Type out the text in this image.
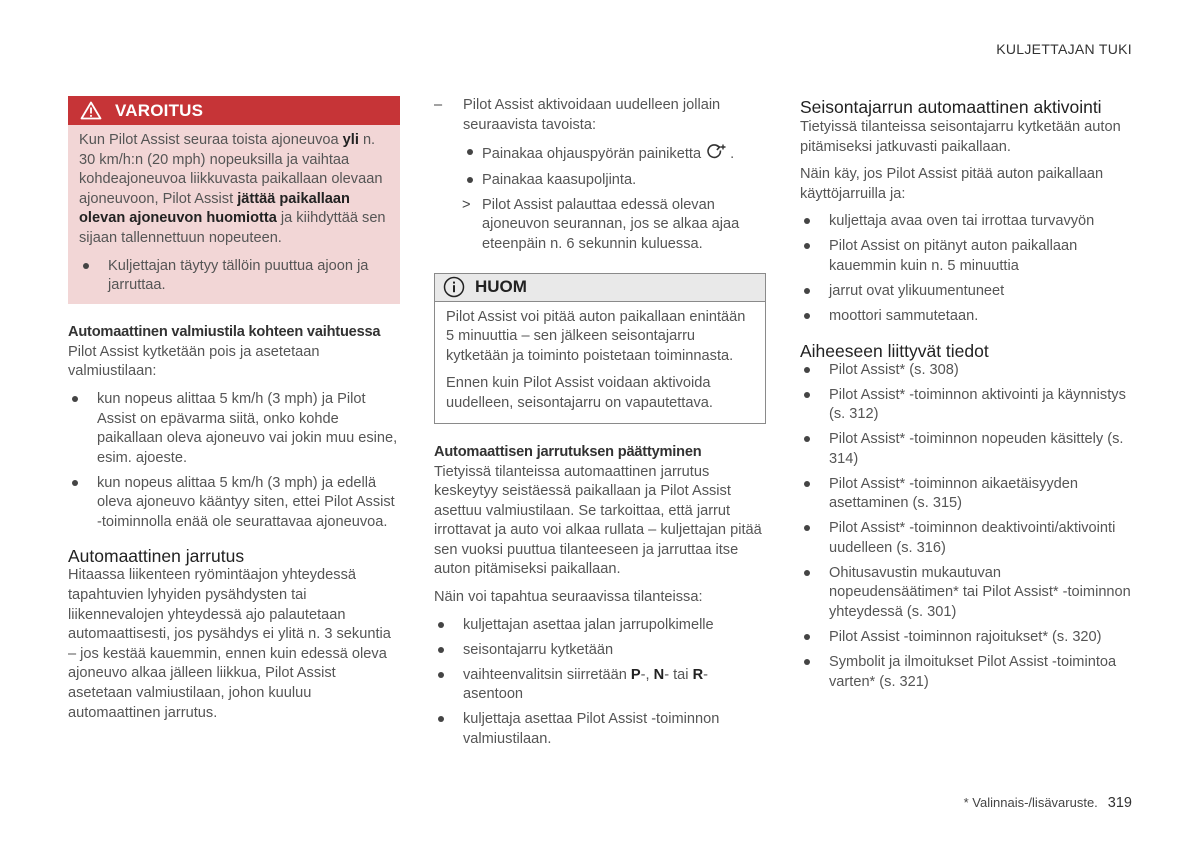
KULJETTAJAN TUKI
VAROITUS

Kun Pilot Assist seuraa toista ajoneuvoa yli n. 30 km/h:n (20 mph) nopeuksilla ja vaihtaa kohdeajoneuvoa liikkuvasta paikallaan olevaan ajoneuvoon, Pilot Assist jättää paikallaan olevan ajoneuvon huomiotta ja kiihdyttää sen sijaan tallennettuun nopeuteen.

Kuljettajan täytyy tällöin puuttua ajoon ja jarruttaa.
Automaattinen valmiustila kohteen vaihtuessa

Pilot Assist kytketään pois ja asetetaan valmiustilaan:

kun nopeus alittaa 5 km/h (3 mph) ja Pilot Assist on epävarma siitä, onko kohde paikallaan oleva ajoneuvo vai jokin muu esine, esim. ajoeste.
kun nopeus alittaa 5 km/h (3 mph) ja edellä oleva ajoneuvo kääntyy siten, ettei Pilot Assist -toiminnolla enää ole seurattavaa ajoneuvoa.
Automaattinen jarrutus

Hitaassa liikenteen ryömintäajon yhteydessä tapahtuvien lyhyiden pysähdysten tai liikennevalojen yhteydessä ajo palautetaan automaattisesti, jos pysähdys ei ylitä n. 3 sekuntia – jos kestää kauemmin, ennen kuin edessä oleva ajoneuvo alkaa jälleen liikkua, Pilot Assist asetetaan valmiustilaan, johon kuuluu automaattinen jarrutus.

– Pilot Assist aktivoidaan uudelleen jollain seuraavista tavoista:

Painakaa ohjauspyörän painiketta .
Painakaa kaasupoljinta.
> Pilot Assist palauttaa edessä olevan ajoneuvon seurannan, jos se alkaa ajaa eteenpäin n. 6 sekunnin kuluessa.

HUOM

Pilot Assist voi pitää auton paikallaan enintään 5 minuuttia – sen jälkeen seisontajarru kytketään ja toiminto poistetaan toiminnasta.

Ennen kuin Pilot Assist voidaan aktivoida uudelleen, seisontajarru on vapautettava.

Automaattisen jarrutuksen päättyminen

Tietyissä tilanteissa automaattinen jarrutus keskeytyy seistäessä paikallaan ja Pilot Assist asettuu valmiustilaan. Se tarkoittaa, että jarrut irrottavat ja auto voi alkaa rullata – kuljettajan pitää sen vuoksi puuttua tilanteeseen ja jarruttaa itse auton pitämiseksi paikallaan.

Näin voi tapahtua seuraavissa tilanteissa:

kuljettajan asettaa jalan jarrupolkimelle
seisontajarru kytketään
vaihteenvalitsin siirretään P-, N- tai R-asentoon
kuljettaja asettaa Pilot Assist -toiminnon valmiustilaan.
Seisontajarrun automaattinen aktivointi

Tietyissä tilanteissa seisontajarru kytketään auton pitämiseksi jatkuvasti paikallaan.

Näin käy, jos Pilot Assist pitää auton paikallaan käyttöjarruilla ja:

kuljettaja avaa oven tai irrottaa turvavyön
Pilot Assist on pitänyt auton paikallaan kauemmin kuin n. 5 minuuttia
jarrut ovat ylikuumentuneet
moottori sammutetaan.
Aiheeseen liittyvät tiedot
Pilot Assist* (s. 308)
Pilot Assist* -toiminnon aktivointi ja käynnistys (s. 312)
Pilot Assist* -toiminnon nopeuden käsittely (s. 314)
Pilot Assist* -toiminnon aikaetäisyyden asettaminen (s. 315)
Pilot Assist* -toiminnon deaktivointi/aktivointi uudelleen (s. 316)
Ohitusavustin mukautuvan nopeudensäätimen* tai Pilot Assist* -toiminnon yhteydessä (s. 301)
Pilot Assist -toiminnon rajoitukset* (s. 320)
Symbolit ja ilmoitukset Pilot Assist -toimintoa varten* (s. 321)
* Valinnais-/lisävaruste. 319
